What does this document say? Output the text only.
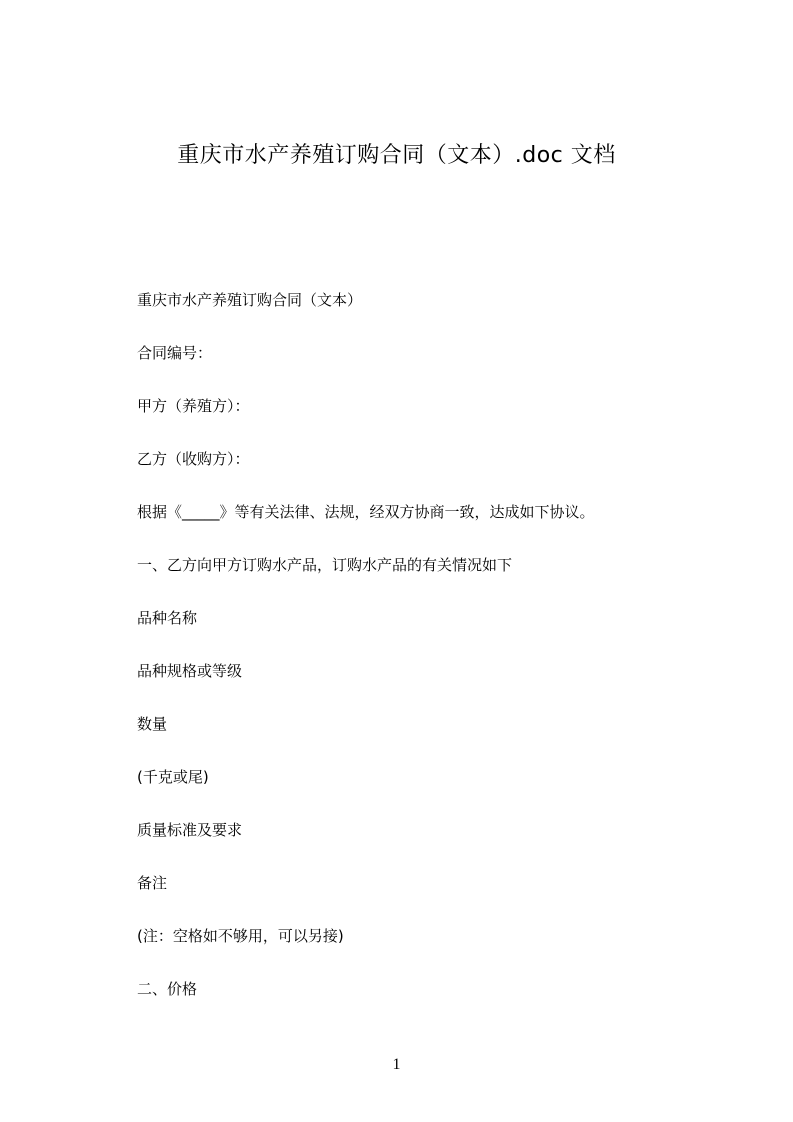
重庆市水产养殖订购合同（文本）.doc 文档
重庆市水产养殖订购合同（文本）
合同编号：
甲方（养殖方）：
乙方（收购方）：
根据《_____》等有关法律、法规，经双方协商一致，达成如下协议。
一、乙方向甲方订购水产品，订购水产品的有关情况如下
品种名称
品种规格或等级
数量
(千克或尾)
质量标准及要求
备注
(注：空格如不够用，可以另接)
二、价格
1
